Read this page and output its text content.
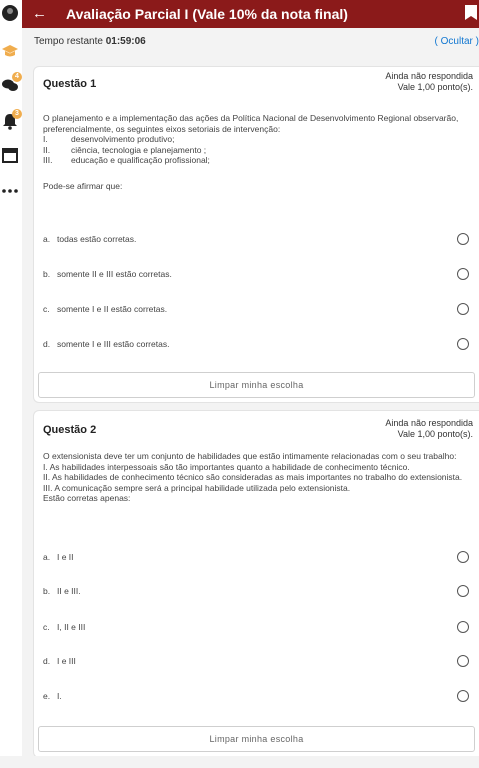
4
3
← Avaliação Parcial I (Vale 10% da nota final)
Tempo restante 01:59:06	( Ocultar )
Questão 1
Ainda não respondida
Vale 1,00 ponto(s).

O planejamento e a implementação das ações da Política Nacional de Desenvolvimento Regional observarão, preferencialmente, os seguintes eixos setoriais de intervenção:

I.	desenvolvimento produtivo;
II.	ciência, tecnologia e planejamento ;
III.	educação e qualificação profissional;

Pode-se afirmar que:

a. todas estão corretas.
b. somente II e III estão corretas.
c. somente I e II estão corretas.
d. somente I e III estão corretas.
Limpar minha escolha
Questão 2
Ainda não respondida
Vale 1,00 ponto(s).

O extensionista deve ter um conjunto de habilidades que estão intimamente relacionadas com o seu trabalho:

I. As habilidades interpessoais são tão importantes quanto a habilidade de conhecimento técnico.

II. As habilidades de conhecimento técnico são consideradas as mais importantes no trabalho do extensionista.

III. A comunicação sempre será a principal habilidade utilizada pelo extensionista.

Estão corretas apenas:

a. I e II
b. II e III.
c. I, II e III
d. I e III
e. I.
Limpar minha escolha
